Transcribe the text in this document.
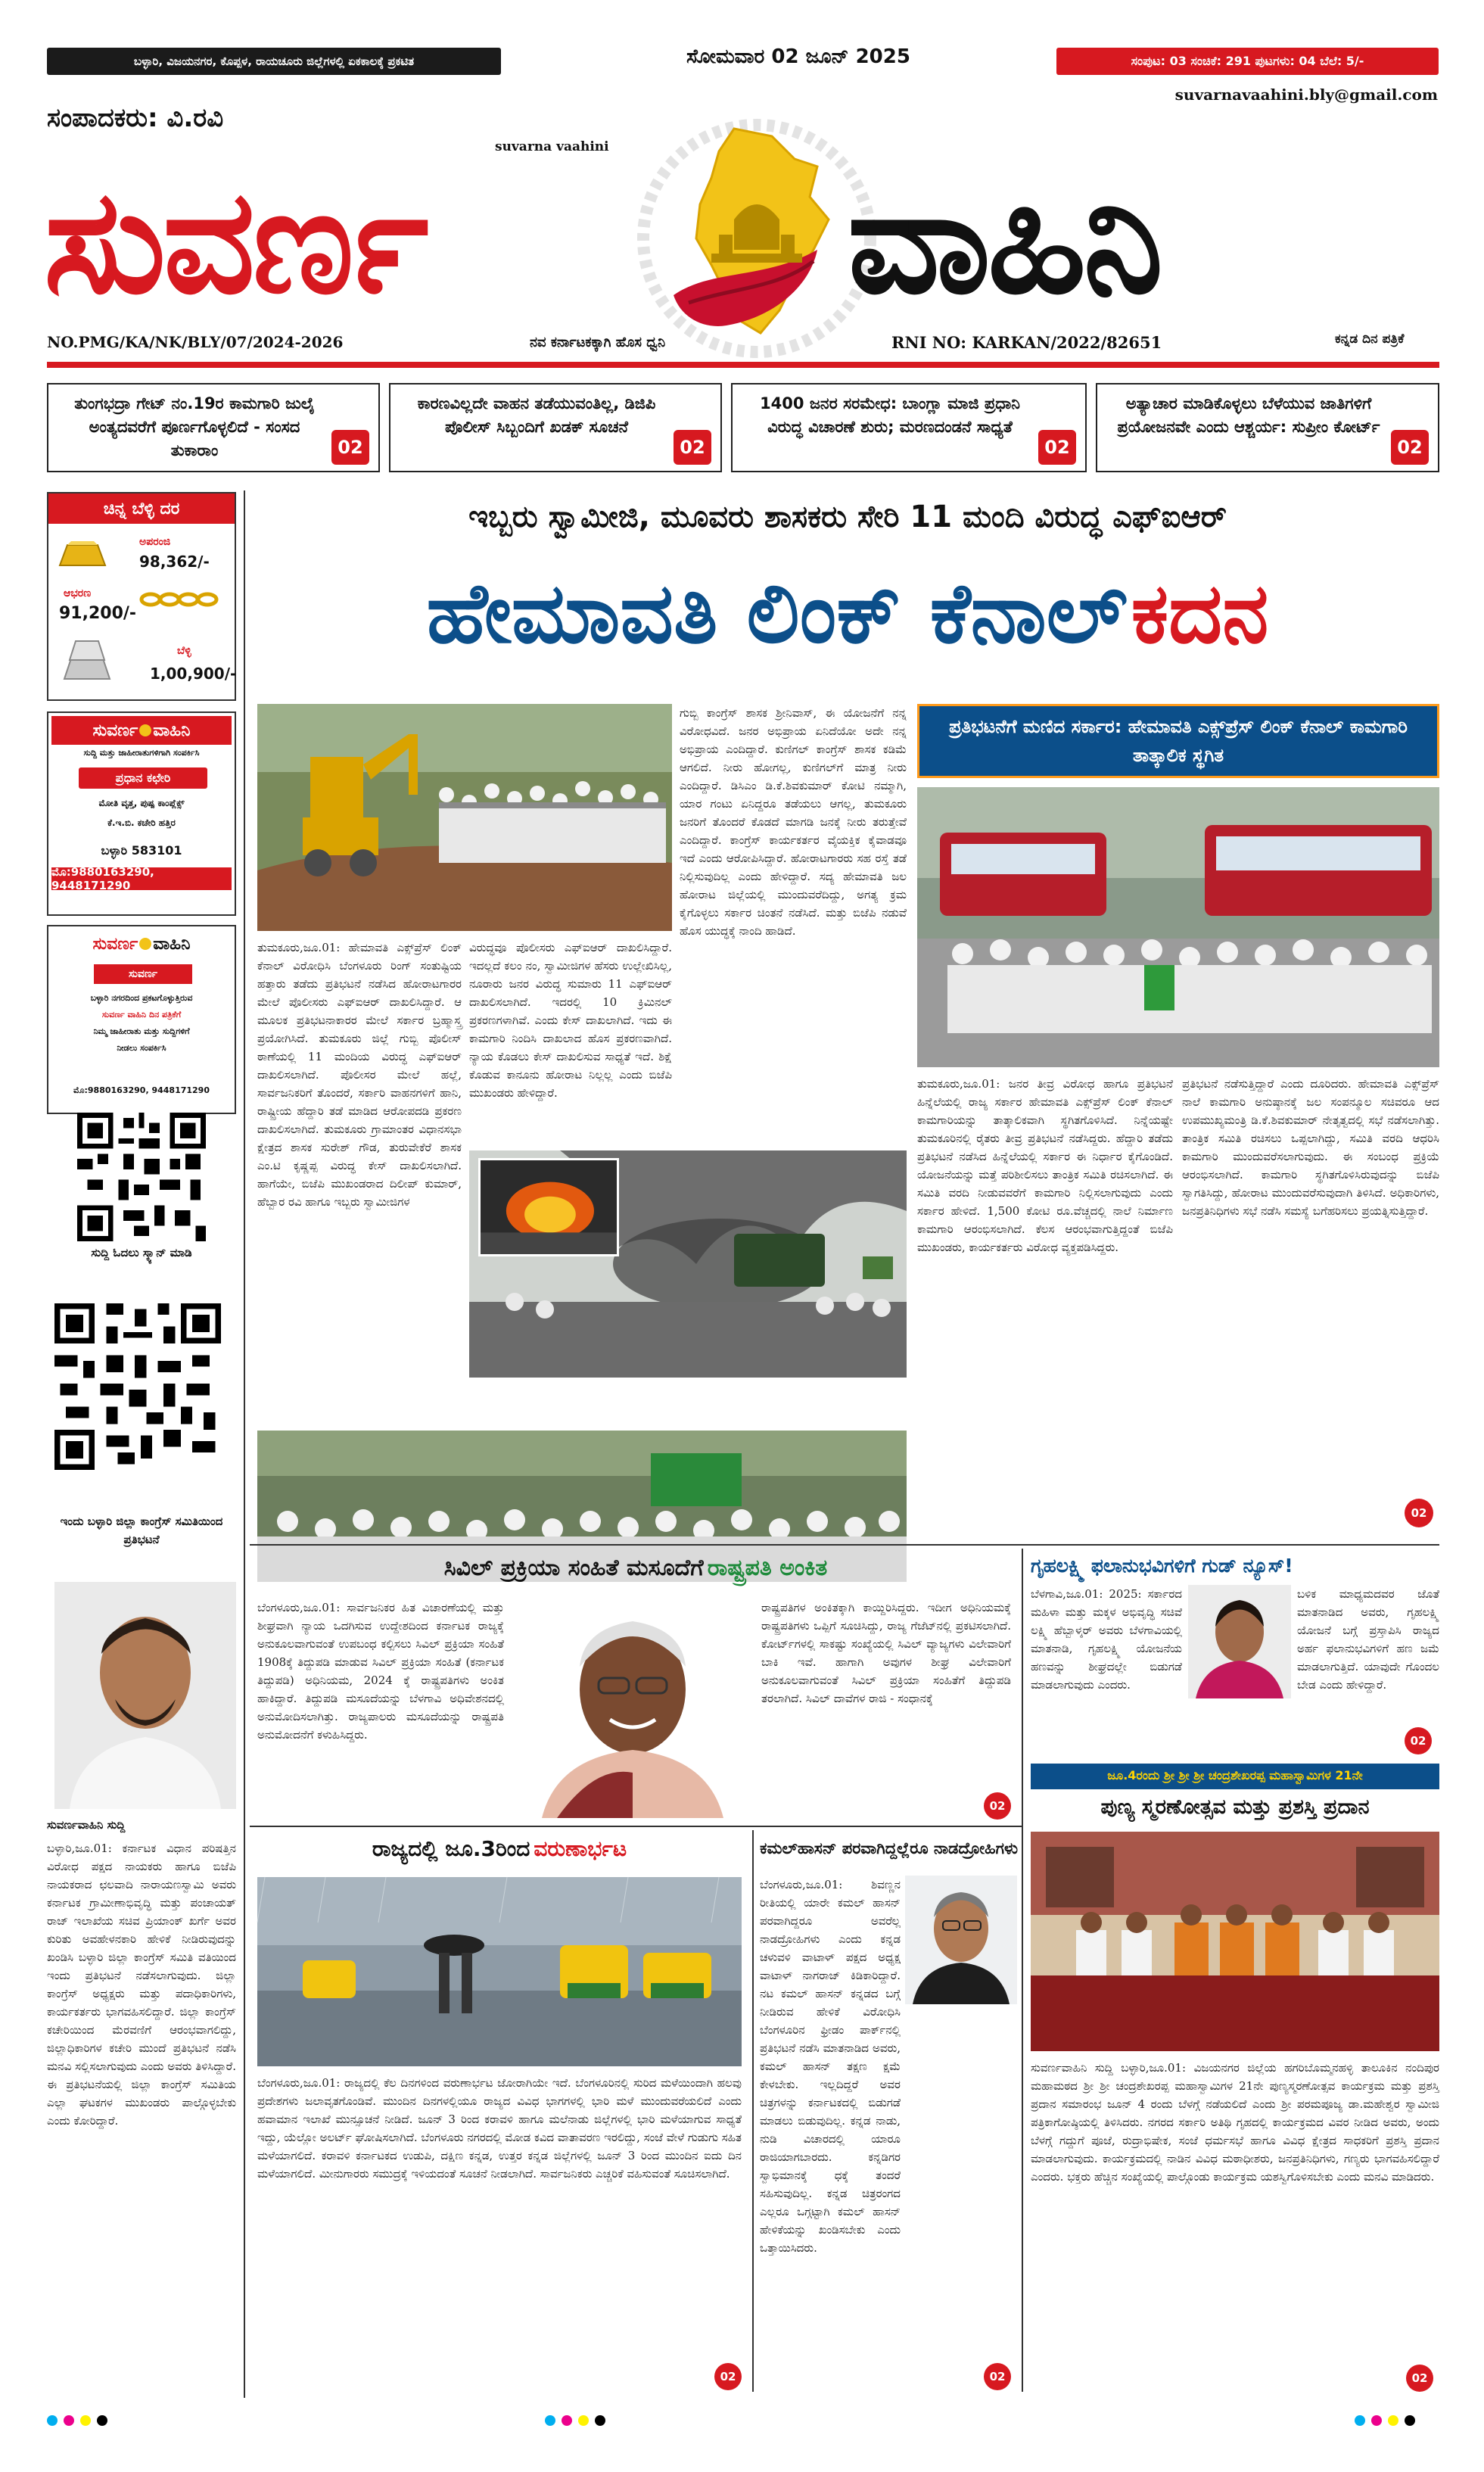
ಬಳ್ಳಾರಿ, ವಿಜಯನಗರ, ಕೊಪ್ಪಳ, ರಾಯಚೂರು ಜಿಲ್ಲೆಗಳಲ್ಲಿ ಏಕಕಾಲಕ್ಕೆ ಪ್ರಕಟಿತ	ಸೋಮವಾರ 02 ಜೂನ್ 2025	ಸಂಪುಟ: 03 ಸಂಚಿಕೆ: 291 ಪುಟಗಳು: 04 ಬೆಲೆ: 5/-
suvarnavaahini.bly@gmail.com
ಸಂಪಾದಕರು: ವಿ.ರವಿ
suvarna vaahini
ಸುವರ್ಣ	ವಾಹಿನಿ
NO.PMG/KA/NK/BLY/07/2024-2026	ನವ ಕರ್ನಾಟಕಕ್ಕಾಗಿ ಹೊಸ ಧ್ವನಿ	RNI NO: KARKAN/2022/82651	ಕನ್ನಡ ದಿನ ಪತ್ರಿಕೆ
ತುಂಗಭದ್ರಾ ಗೇಟ್ ನಂ.19ರ ಕಾಮಗಾರಿ ಜುಲೈ ಅಂತ್ಯದವರೆಗೆ ಪೂರ್ಣಗೊಳ್ಳಲಿದೆ - ಸಂಸದ ತುಕಾರಾಂ	02
ಕಾರಣವಿಲ್ಲದೇ ವಾಹನ ತಡೆಯುವಂತಿಲ್ಲ, ಡಿಜಿಪಿ ಪೊಲೀಸ್ ಸಿಬ್ಬಂದಿಗೆ ಖಡಕ್ ಸೂಚನೆ
02
1400 ಜನರ ಸರಮೇಧ: ಬಾಂಗ್ಲಾ ಮಾಜಿ ಪ್ರಧಾನಿ ವಿರುದ್ಧ ವಿಚಾರಣೆ ಶುರು; ಮರಣದಂಡನೆ ಸಾಧ್ಯತೆ
02
ಅತ್ಯಾಚಾರ ಮಾಡಿಕೊಳ್ಳಲು ಬೆಳೆಯುವ ಜಾತಿಗಳಿಗೆ ಪ್ರಯೋಜನವೇ ಎಂದು ಆಶ್ಚರ್ಯ: ಸುಪ್ರೀಂ ಕೋರ್ಟ್
02
ಚಿನ್ನ ಬೆಳ್ಳಿ ದರ
ಅಪರಂಜಿ
98,362/-
ಆಭರಣ
91,200/-
ಬೆಳ್ಳಿ
1,00,900/-
ಸುವರ್ಣ ವಾಹಿನಿ
ಸುದ್ದಿ ಮತ್ತು ಜಾಹೀರಾತುಗಳಿಗಾಗಿ ಸಂಪರ್ಕಿಸಿ
ಪ್ರಧಾನ ಕಛೇರಿ
ಮೋತಿ ವೃತ್ತ, ಪುಷ್ಪ ಕಾಂಪ್ಲೆಕ್ಸ್
ಕೆ.ಇ.ಬಿ. ಕಚೇರಿ ಹತ್ತಿರ
ಬಳ್ಳಾರಿ 583101
ಮೊ:9880163290, 9448171290
ಸುವರ್ಣ ವಾಹಿನಿ
ಸುವರ್ಣ
ಬಳ್ಳಾರಿ ನಗರದಿಂದ ಪ್ರಕಟಗೊಳ್ಳುತ್ತಿರುವ
ಸುವರ್ಣ ವಾಹಿನಿ ದಿನ ಪತ್ರಿಕೆಗೆ
ನಿಮ್ಮ ಜಾಹೀರಾತು ಮತ್ತು ಸುದ್ದಿಗಳಿಗೆ
ನೀಡಲು ಸಂಪರ್ಕಿಸಿ
ಮೊ:9880163290, 9448171290
ಸುದ್ದಿ ಓದಲು ಸ್ಕ್ಯಾನ್ ಮಾಡಿ
ಇಂದು ಬಳ್ಳಾರಿ ಜಿಲ್ಲಾ ಕಾಂಗ್ರೆಸ್ ಸಮಿತಿಯಿಂದ ಪ್ರತಿಭಟನೆ
ಸುವರ್ಣವಾಹಿನಿ ಸುದ್ದಿ
ಬಳ್ಳಾರಿ,ಜೂ.01: ಕರ್ನಾಟಕ ವಿಧಾನ ಪರಿಷತ್ತಿನ ವಿರೋಧ ಪಕ್ಷದ ನಾಯಕರು ಹಾಗೂ ಬಿಜೆಪಿ ನಾಯಕರಾದ ಛಲವಾದಿ ನಾರಾಯಣಸ್ವಾಮಿ ಅವರು ಕರ್ನಾಟಕ ಗ್ರಾಮೀಣಾಭಿವೃದ್ಧಿ ಮತ್ತು ಪಂಚಾಯತ್ ರಾಜ್ ಇಲಾಖೆಯ ಸಚಿವ ಪ್ರಿಯಾಂಕ್ ಖರ್ಗೆ ಅವರ ಕುರಿತು ಅವಹೇಳನಕಾರಿ ಹೇಳಿಕೆ ನೀಡಿರುವುದನ್ನು ಖಂಡಿಸಿ ಬಳ್ಳಾರಿ ಜಿಲ್ಲಾ ಕಾಂಗ್ರೆಸ್ ಸಮಿತಿ ವತಿಯಿಂದ ಇಂದು ಪ್ರತಿಭಟನೆ ನಡೆಸಲಾಗುವುದು. ಜಿಲ್ಲಾ ಕಾಂಗ್ರೆಸ್ ಅಧ್ಯಕ್ಷರು ಮತ್ತು ಪದಾಧಿಕಾರಿಗಳು, ಕಾರ್ಯಕರ್ತರು ಭಾಗವಹಿಸಲಿದ್ದಾರೆ. ಜಿಲ್ಲಾ ಕಾಂಗ್ರೆಸ್ ಕಚೇರಿಯಿಂದ ಮೆರವಣಿಗೆ ಆರಂಭವಾಗಲಿದ್ದು, ಜಿಲ್ಲಾಧಿಕಾರಿಗಳ ಕಚೇರಿ ಮುಂದೆ ಪ್ರತಿಭಟನೆ ನಡೆಸಿ ಮನವಿ ಸಲ್ಲಿಸಲಾಗುವುದು ಎಂದು ಅವರು ತಿಳಿಸಿದ್ದಾರೆ. ಈ ಪ್ರತಿಭಟನೆಯಲ್ಲಿ ಜಿಲ್ಲಾ ಕಾಂಗ್ರೆಸ್ ಸಮಿತಿಯ ಎಲ್ಲಾ ಘಟಕಗಳ ಮುಖಂಡರು ಪಾಲ್ಗೊಳ್ಳಬೇಕು ಎಂದು ಕೋರಿದ್ದಾರೆ.
ಇಬ್ಬರು ಸ್ವಾಮೀಜಿ, ಮೂವರು ಶಾಸಕರು ಸೇರಿ 11 ಮಂದಿ ವಿರುದ್ಧ ಎಫ್‌ಐಆರ್
ಹೇಮಾವತಿ ಲಿಂಕ್ ಕೆನಾಲ್ ಕದನ
ತುಮಕೂರು,ಜೂ.01: ಹೇಮಾವತಿ ಎಕ್ಸ್‌ಪ್ರೆಸ್ ಲಿಂಕ್ ಕೆನಾಲ್ ವಿರೋಧಿಸಿ ಬೆಂಗಳೂರು ರಿಂಗ್ ಸಂತುಷ್ಟಿಯ ಹತ್ತಾರು ತಡೆದು ಪ್ರತಿಭಟನೆ ನಡೆಸಿದ ಹೋರಾಟಗಾರರ ಮೇಲೆ ಪೊಲೀಸರು ಎಫ್‌ಐಆರ್ ದಾಖಲಿಸಿದ್ದಾರೆ. ಆ ಮೂಲಕ ಪ್ರತಿಭಟನಾಕಾರರ ಮೇಲೆ ಸರ್ಕಾರ ಬ್ರಹ್ಮಾಸ್ತ್ರ ಪ್ರಯೋಗಿಸಿದೆ. ತುಮಕೂರು ಜಿಲ್ಲೆ ಗುಬ್ಬಿ ಪೊಲೀಸ್ ಠಾಣೆಯಲ್ಲಿ 11 ಮಂದಿಯ ವಿರುದ್ಧ ಎಫ್‌ಐಆರ್ ದಾಖಲಿಸಲಾಗಿದೆ. ಪೊಲೀಸರ ಮೇಲೆ ಹಲ್ಲೆ, ಸಾರ್ವಜನಿಕರಿಗೆ ತೊಂದರೆ, ಸರ್ಕಾರಿ ವಾಹನಗಳಿಗೆ ಹಾನಿ, ರಾಷ್ಟ್ರೀಯ ಹೆದ್ದಾರಿ ತಡೆ ಮಾಡಿದ ಆರೋಪದಡಿ ಪ್ರಕರಣ ದಾಖಲಿಸಲಾಗಿದೆ. ತುಮಕೂರು ಗ್ರಾಮಾಂತರ ವಿಧಾನಸಭಾ ಕ್ಷೇತ್ರದ ಶಾಸಕ ಸುರೇಶ್ ಗೌಡ, ತುರುವೇಕೆರೆ ಶಾಸಕ ಎಂ.ಟಿ ಕೃಷ್ಣಪ್ಪ ವಿರುದ್ಧ ಕೇಸ್ ದಾಖಲಿಸಲಾಗಿದೆ. ಹಾಗೆಯೇ, ಬಿಜೆಪಿ ಮುಖಂಡರಾದ ದಿಲೀಪ್ ಕುಮಾರ್, ಹೆಬ್ಬಾರ ರವಿ ಹಾಗೂ ಇಬ್ಬರು ಸ್ವಾಮೀಜಿಗಳ
ವಿರುದ್ಧವೂ ಪೊಲೀಸರು ಎಫ್‌ಐಆರ್ ದಾಖಲಿಸಿದ್ದಾರೆ. ಇದಲ್ಲದೆ ಕಲಂ ನಂ, ಸ್ವಾಮೀಜಿಗಳ ಹೆಸರು ಉಲ್ಲೇಖಿಸಿಲ್ಲ, ನೂರಾರು ಜನರ ವಿರುದ್ಧ ಸುಮಾರು 11 ಎಫ್‌ಐಆರ್ ದಾಖಲಿಸಲಾಗಿದೆ. ಇದರಲ್ಲಿ 10 ಕ್ರಿಮಿನಲ್ ಪ್ರಕರಣಗಳಾಗಿವೆ. ಎಂದು ಕೇಸ್ ದಾಖಲಾಗಿದೆ. ಇದು ಈ ಕಾಮಗಾರಿ ನಿಂದಿಸಿ ದಾಖಲಾದ ಹೊಸ ಪ್ರಕರಣವಾಗಿದೆ. ನ್ಯಾಯ ಕೊಡಲು ಕೇಸ್ ದಾಖಲಿಸುವ ಸಾಧ್ಯತೆ ಇದೆ. ಶಿಕ್ಷೆ ಕೊಡುವ ಕಾನೂನು ಹೋರಾಟ ನಿಲ್ಲಲ್ಲ ಎಂದು ಬಿಜೆಪಿ ಮುಖಂಡರು ಹೇಳಿದ್ದಾರೆ.
ಗುಬ್ಬಿ ಕಾಂಗ್ರೆಸ್ ಶಾಸಕ ಶ್ರೀನಿವಾಸ್, ಈ ಯೋಜನೆಗೆ ನನ್ನ ವಿರೋಧವಿದೆ. ಜನರ ಅಭಿಪ್ರಾಯ ಏನಿದೆಯೋ ಅದೇ ನನ್ನ ಅಭಿಪ್ರಾಯ ಎಂದಿದ್ದಾರೆ. ಕುಣಿಗಲ್ ಕಾಂಗ್ರೆಸ್ ಶಾಸಕ ಕಡಿಮೆ ಆಗಲಿದೆ. ನೀರು ಹೋಗಲ್ಲ, ಕುಣಿಗಲ್‌ಗೆ ಮಾತ್ರ ನೀರು ಎಂದಿದ್ದಾರೆ. ಡಿಸಿಎಂ ಡಿ.ಕೆ.ಶಿವಕುಮಾರ್ ಕೋಟಿ ನಮ್ಮಾಗಿ, ಯಾರ ಗಂಟು ಏನಿದ್ದರೂ ತಡೆಯಲು ಆಗಲ್ಲ, ತುಮಕೂರು ಜನರಿಗೆ ತೊಂದರೆ ಕೊಡದೆ ಮಾಗಡಿ ಜನಕ್ಕೆ ನೀರು ತರುತ್ತೇವೆ ಎಂದಿದ್ದಾರೆ. ಕಾಂಗ್ರೆಸ್ ಕಾರ್ಯಕರ್ತರ ವೈಯಕ್ತಿಕ ಕೈವಾಡವೂ ಇದೆ ಎಂದು ಆರೋಪಿಸಿದ್ದಾರೆ. ಹೋರಾಟಗಾರರು ಸಹ ರಸ್ತೆ ತಡೆ ನಿಲ್ಲಿಸುವುದಿಲ್ಲ ಎಂದು ಹೇಳಿದ್ದಾರೆ. ಸದ್ಯ ಹೇಮಾವತಿ ಜಲ ಹೋರಾಟ ಜಿಲ್ಲೆಯಲ್ಲಿ ಮುಂದುವರೆದಿದ್ದು, ಅಗತ್ಯ ಕ್ರಮ ಕೈಗೊಳ್ಳಲು ಸರ್ಕಾರ ಚಿಂತನೆ ನಡೆಸಿದೆ. ಮತ್ತು ಬಿಜೆಪಿ ನಡುವೆ ಹೊಸ ಯುದ್ಧಕ್ಕೆ ನಾಂದಿ ಹಾಡಿದೆ.
ಪ್ರತಿಭಟನೆಗೆ ಮಣಿದ ಸರ್ಕಾರ: ಹೇಮಾವತಿ ಎಕ್ಸ್‌ಪ್ರೆಸ್ ಲಿಂಕ್ ಕೆನಾಲ್ ಕಾಮಗಾರಿ ತಾತ್ಕಾಲಿಕ ಸ್ಥಗಿತ
ತುಮಕೂರು,ಜೂ.01: ಜನರ ತೀವ್ರ ವಿರೋಧ ಹಾಗೂ ಪ್ರತಿಭಟನೆ ಹಿನ್ನೆಲೆಯಲ್ಲಿ ರಾಜ್ಯ ಸರ್ಕಾರ ಹೇಮಾವತಿ ಎಕ್ಸ್‌ಪ್ರೆಸ್ ಲಿಂಕ್ ಕೆನಾಲ್ ಕಾಮಗಾರಿಯನ್ನು ತಾತ್ಕಾಲಿಕವಾಗಿ ಸ್ಥಗಿತಗೊಳಿಸಿದೆ. ನಿನ್ನೆಯಷ್ಟೇ ತುಮಕೂರಿನಲ್ಲಿ ರೈತರು ತೀವ್ರ ಪ್ರತಿಭಟನೆ ನಡೆಸಿದ್ದರು. ಹೆದ್ದಾರಿ ತಡೆದು ಪ್ರತಿಭಟನೆ ನಡೆಸಿದ ಹಿನ್ನೆಲೆಯಲ್ಲಿ ಸರ್ಕಾರ ಈ ನಿರ್ಧಾರ ಕೈಗೊಂಡಿದೆ. ಯೋಜನೆಯನ್ನು ಮತ್ತೆ ಪರಿಶೀಲಿಸಲು ತಾಂತ್ರಿಕ ಸಮಿತಿ ರಚಿಸಲಾಗಿದೆ. ಈ ಸಮಿತಿ ವರದಿ ನೀಡುವವರೆಗೆ ಕಾಮಗಾರಿ ನಿಲ್ಲಿಸಲಾಗುವುದು ಎಂದು ಸರ್ಕಾರ ಹೇಳಿದೆ. 1,500 ಕೋಟಿ ರೂ.ವೆಚ್ಚದಲ್ಲಿ ನಾಲೆ ನಿರ್ಮಾಣ ಕಾಮಗಾರಿ ಆರಂಭಿಸಲಾಗಿದೆ. ಕೆಲಸ ಆರಂಭವಾಗುತ್ತಿದ್ದಂತೆ ಬಿಜೆಪಿ ಮುಖಂಡರು, ಕಾರ್ಯಕರ್ತರು ವಿರೋಧ ವ್ಯಕ್ತಪಡಿಸಿದ್ದರು.
ಪ್ರತಿಭಟನೆ ನಡೆಸುತ್ತಿದ್ದಾರೆ ಎಂದು ದೂರಿದರು. ಹೇಮಾವತಿ ಎಕ್ಸ್‌ಪ್ರೆಸ್ ನಾಲೆ ಕಾಮಗಾರಿ ಅನುಷ್ಠಾನಕ್ಕೆ ಜಲ ಸಂಪನ್ಮೂಲ ಸಚಿವರೂ ಆದ ಉಪಮುಖ್ಯಮಂತ್ರಿ ಡಿ.ಕೆ.ಶಿವಕುಮಾರ್ ನೇತೃತ್ವದಲ್ಲಿ ಸಭೆ ನಡೆಸಲಾಗಿತ್ತು. ತಾಂತ್ರಿಕ ಸಮಿತಿ ರಚಿಸಲು ಒಪ್ಪಲಾಗಿದ್ದು, ಸಮಿತಿ ವರದಿ ಆಧರಿಸಿ ಕಾಮಗಾರಿ ಮುಂದುವರೆಸಲಾಗುವುದು. ಈ ಸಂಬಂಧ ಪ್ರಕ್ರಿಯೆ ಆರಂಭಿಸಲಾಗಿದೆ. ಕಾಮಗಾರಿ ಸ್ಥಗಿತಗೊಳಿಸಿರುವುದನ್ನು ಬಿಜೆಪಿ ಸ್ವಾಗತಿಸಿದ್ದು, ಹೋರಾಟ ಮುಂದುವರೆಸುವುದಾಗಿ ತಿಳಿಸಿದೆ. ಅಧಿಕಾರಿಗಳು, ಜನಪ್ರತಿನಿಧಿಗಳು ಸಭೆ ನಡೆಸಿ ಸಮಸ್ಯೆ ಬಗೆಹರಿಸಲು ಪ್ರಯತ್ನಿಸುತ್ತಿದ್ದಾರೆ.
02
ಸಿವಿಲ್ ಪ್ರಕ್ರಿಯಾ ಸಂಹಿತೆ ಮಸೂದೆಗೆ ರಾಷ್ಟ್ರಪತಿ ಅಂಕಿತ
ಬೆಂಗಳೂರು,ಜೂ.01: ಸಾರ್ವಜನಿಕರ ಹಿತ ವಿಚಾರಣೆಯಲ್ಲಿ ಮತ್ತು ಶೀಘ್ರವಾಗಿ ನ್ಯಾಯ ಒದಗಿಸುವ ಉದ್ದೇಶದಿಂದ ಕರ್ನಾಟಕ ರಾಜ್ಯಕ್ಕೆ ಅನುಕೂಲವಾಗುವಂತೆ ಉಪಬಂಧ ಕಲ್ಪಿಸಲು ಸಿವಿಲ್ ಪ್ರಕ್ರಿಯಾ ಸಂಹಿತೆ 1908ಕ್ಕೆ ತಿದ್ದುಪಡಿ ಮಾಡುವ ಸಿವಿಲ್ ಪ್ರಕ್ರಿಯಾ ಸಂಹಿತೆ (ಕರ್ನಾಟಕ ತಿದ್ದುಪಡಿ) ಅಧಿನಿಯಮ, 2024 ಕ್ಕೆ ರಾಷ್ಟ್ರಪತಿಗಳು ಅಂಕಿತ ಹಾಕಿದ್ದಾರೆ. ತಿದ್ದುಪಡಿ ಮಸೂದೆಯನ್ನು ಬೆಳಗಾವಿ ಅಧಿವೇಶನದಲ್ಲಿ ಅನುಮೋದಿಸಲಾಗಿತ್ತು. ರಾಜ್ಯಪಾಲರು ಮಸೂದೆಯನ್ನು ರಾಷ್ಟ್ರಪತಿ ಅನುಮೋದನೆಗೆ ಕಳುಹಿಸಿದ್ದರು.
ರಾಷ್ಟ್ರಪತಿಗಳ ಅಂಕಿತಕ್ಕಾಗಿ ಕಾಯ್ದಿರಿಸಿದ್ದರು. ಇದೀಗ ಅಧಿನಿಯಮಕ್ಕೆ ರಾಷ್ಟ್ರಪತಿಗಳು ಒಪ್ಪಿಗೆ ಸೂಚಿಸಿದ್ದು, ರಾಜ್ಯ ಗೆಜೆಟ್‌ನಲ್ಲಿ ಪ್ರಕಟಿಸಲಾಗಿದೆ. ಕೋರ್ಟ್‌ಗಳಲ್ಲಿ ಸಾಕಷ್ಟು ಸಂಖ್ಯೆಯಲ್ಲಿ ಸಿವಿಲ್ ವ್ಯಾಜ್ಯಗಳು ವಿಲೇವಾರಿಗೆ ಬಾಕಿ ಇವೆ. ಹಾಗಾಗಿ ಅವುಗಳ ಶೀಘ್ರ ವಿಲೇವಾರಿಗೆ ಅನುಕೂಲವಾಗುವಂತೆ ಸಿವಿಲ್ ಪ್ರಕ್ರಿಯಾ ಸಂಹಿತೆಗೆ ತಿದ್ದುಪಡಿ ತರಲಾಗಿದೆ. ಸಿವಿಲ್ ದಾವೆಗಳ ರಾಜಿ - ಸಂಧಾನಕ್ಕೆ
02
ಗೃಹಲಕ್ಷ್ಮಿ ಫಲಾನುಭವಿಗಳಿಗೆ ಗುಡ್ ನ್ಯೂಸ್!
ಬೆಳಗಾವಿ,ಜೂ.01: 2025: ಸರ್ಕಾರದ ಮಹಿಳಾ ಮತ್ತು ಮಕ್ಕಳ ಅಭಿವೃದ್ಧಿ ಸಚಿವೆ ಲಕ್ಷ್ಮಿ ಹೆಬ್ಬಾಳ್ಕರ್ ಅವರು ಬೆಳಗಾವಿಯಲ್ಲಿ ಮಾತನಾಡಿ, ಗೃಹಲಕ್ಷ್ಮಿ ಯೋಜನೆಯ ಹಣವನ್ನು ಶೀಘ್ರದಲ್ಲೇ ಬಿಡುಗಡೆ ಮಾಡಲಾಗುವುದು ಎಂದರು.
ಬಳಿಕ ಮಾಧ್ಯಮದವರ ಜೊತೆ ಮಾತನಾಡಿದ ಅವರು, ಗೃಹಲಕ್ಷ್ಮಿ ಯೋಜನೆ ಬಗ್ಗೆ ಪ್ರಸ್ತಾಪಿಸಿ ರಾಜ್ಯದ ಅರ್ಹ ಫಲಾನುಭವಿಗಳಿಗೆ ಹಣ ಜಮೆ ಮಾಡಲಾಗುತ್ತಿದೆ. ಯಾವುದೇ ಗೊಂದಲ ಬೇಡ ಎಂದು ಹೇಳಿದ್ದಾರೆ.
02
ಜೂ.4ರಂದು ಶ್ರೀ ಶ್ರೀ ಶ್ರೀ ಚಂದ್ರಶೇಖರಪ್ಪ ಮಹಾಸ್ವಾಮಿಗಳ 21ನೇ
ಪುಣ್ಯ ಸ್ಮರಣೋತ್ಸವ ಮತ್ತು ಪ್ರಶಸ್ತಿ ಪ್ರದಾನ
ಸುವರ್ಣವಾಹಿನಿ ಸುದ್ದಿ ಬಳ್ಳಾರಿ,ಜೂ.01: ವಿಜಯನಗರ ಜಿಲ್ಲೆಯ ಹಗರಿಬೊಮ್ಮನಹಳ್ಳಿ ತಾಲೂಕಿನ ನಂದಿಪುರ ಮಹಾಮಠದ ಶ್ರೀ ಶ್ರೀ ಚಂದ್ರಶೇಖರಪ್ಪ ಮಹಾಸ್ವಾಮಿಗಳ 21ನೇ ಪುಣ್ಯಸ್ಮರಣೋತ್ಸವ ಕಾರ್ಯಕ್ರಮ ಮತ್ತು ಪ್ರಶಸ್ತಿ ಪ್ರದಾನ ಸಮಾರಂಭ ಜೂನ್ 4 ರಂದು ಬೆಳಗ್ಗೆ ನಡೆಯಲಿದೆ ಎಂದು ಶ್ರೀ ಪರಮಪೂಜ್ಯ ಡಾ.ಮಹೇಶ್ವರ ಸ್ವಾಮೀಜಿ ಪತ್ರಿಕಾಗೋಷ್ಠಿಯಲ್ಲಿ ತಿಳಿಸಿದರು. ನಗರದ ಸರ್ಕಾರಿ ಅತಿಥಿ ಗೃಹದಲ್ಲಿ ಕಾರ್ಯಕ್ರಮದ ವಿವರ ನೀಡಿದ ಅವರು, ಅಂದು ಬೆಳಗ್ಗೆ ಗದ್ದುಗೆ ಪೂಜೆ, ರುದ್ರಾಭಿಷೇಕ, ಸಂಜೆ ಧರ್ಮಸಭೆ ಹಾಗೂ ವಿವಿಧ ಕ್ಷೇತ್ರದ ಸಾಧಕರಿಗೆ ಪ್ರಶಸ್ತಿ ಪ್ರದಾನ ಮಾಡಲಾಗುವುದು. ಕಾರ್ಯಕ್ರಮದಲ್ಲಿ ನಾಡಿನ ವಿವಿಧ ಮಠಾಧೀಶರು, ಜನಪ್ರತಿನಿಧಿಗಳು, ಗಣ್ಯರು ಭಾಗವಹಿಸಲಿದ್ದಾರೆ ಎಂದರು. ಭಕ್ತರು ಹೆಚ್ಚಿನ ಸಂಖ್ಯೆಯಲ್ಲಿ ಪಾಲ್ಗೊಂಡು ಕಾರ್ಯಕ್ರಮ ಯಶಸ್ವಿಗೊಳಿಸಬೇಕು ಎಂದು ಮನವಿ ಮಾಡಿದರು.
02
ರಾಜ್ಯದಲ್ಲಿ ಜೂ.3ರಿಂದ ವರುಣಾರ್ಭಟ
ಬೆಂಗಳೂರು,ಜೂ.01: ರಾಜ್ಯದಲ್ಲಿ ಕೆಲ ದಿನಗಳಿಂದ ವರುಣಾರ್ಭಟ ಜೋರಾಗಿಯೇ ಇದೆ. ಬೆಂಗಳೂರಿನಲ್ಲಿ ಸುರಿದ ಮಳೆಯಿಂದಾಗಿ ಹಲವು ಪ್ರದೇಶಗಳು ಜಲಾವೃತಗೊಂಡಿವೆ. ಮುಂದಿನ ದಿನಗಳಲ್ಲಿಯೂ ರಾಜ್ಯದ ವಿವಿಧ ಭಾಗಗಳಲ್ಲಿ ಭಾರಿ ಮಳೆ ಮುಂದುವರೆಯಲಿದೆ ಎಂದು ಹವಾಮಾನ ಇಲಾಖೆ ಮುನ್ಸೂಚನೆ ನೀಡಿದೆ. ಜೂನ್ 3 ರಿಂದ ಕರಾವಳಿ ಹಾಗೂ ಮಲೆನಾಡು ಜಿಲ್ಲೆಗಳಲ್ಲಿ ಭಾರಿ ಮಳೆಯಾಗುವ ಸಾಧ್ಯತೆ ಇದ್ದು, ಯೆಲ್ಲೋ ಅಲರ್ಟ್ ಘೋಷಿಸಲಾಗಿದೆ. ಬೆಂಗಳೂರು ನಗರದಲ್ಲಿ ಮೋಡ ಕವಿದ ವಾತಾವರಣ ಇರಲಿದ್ದು, ಸಂಜೆ ವೇಳೆ ಗುಡುಗು ಸಹಿತ ಮಳೆಯಾಗಲಿದೆ. ಕರಾವಳಿ ಕರ್ನಾಟಕದ ಉಡುಪಿ, ದಕ್ಷಿಣ ಕನ್ನಡ, ಉತ್ತರ ಕನ್ನಡ ಜಿಲ್ಲೆಗಳಲ್ಲಿ ಜೂನ್ 3 ರಿಂದ ಮುಂದಿನ ಐದು ದಿನ ಮಳೆಯಾಗಲಿದೆ. ಮೀನುಗಾರರು ಸಮುದ್ರಕ್ಕೆ ಇಳಿಯದಂತೆ ಸೂಚನೆ ನೀಡಲಾಗಿದೆ. ಸಾರ್ವಜನಿಕರು ಎಚ್ಚರಿಕೆ ವಹಿಸುವಂತೆ ಸೂಚಿಸಲಾಗಿದೆ.
02
ಕಮಲ್‌ಹಾಸನ್ ಪರವಾಗಿದ್ದಲ್ಲೆರೂ ನಾಡದ್ರೋಹಿಗಳು
ಬೆಂಗಳೂರು,ಜೂ.01: ಶಿವಣ್ಣನ ರೀತಿಯಲ್ಲಿ ಯಾರೇ ಕಮಲ್ ಹಾಸನ್ ಪರವಾಗಿದ್ದರೂ ಅವರೆಲ್ಲ ನಾಡದ್ರೋಹಿಗಳು ಎಂದು ಕನ್ನಡ ಚಳುವಳಿ ವಾಟಾಳ್ ಪಕ್ಷದ ಅಧ್ಯಕ್ಷ ವಾಟಾಳ್ ನಾಗರಾಜ್ ಕಿಡಿಕಾರಿದ್ದಾರೆ. ನಟ ಕಮಲ್ ಹಾಸನ್ ಕನ್ನಡದ ಬಗ್ಗೆ ನೀಡಿರುವ ಹೇಳಿಕೆ ವಿರೋಧಿಸಿ ಬೆಂಗಳೂರಿನ ಫ್ರೀಡಂ ಪಾರ್ಕ್‌ನಲ್ಲಿ ಪ್ರತಿಭಟನೆ ನಡೆಸಿ ಮಾತನಾಡಿದ ಅವರು, ಕಮಲ್ ಹಾಸನ್ ತಕ್ಷಣ ಕ್ಷಮೆ ಕೇಳಬೇಕು. ಇಲ್ಲದಿದ್ದರೆ ಅವರ ಚಿತ್ರಗಳನ್ನು ಕರ್ನಾಟಕದಲ್ಲಿ ಬಿಡುಗಡೆ ಮಾಡಲು ಬಿಡುವುದಿಲ್ಲ. ಕನ್ನಡ ನಾಡು, ನುಡಿ ವಿಚಾರದಲ್ಲಿ ಯಾರೂ ರಾಜಿಯಾಗಬಾರದು. ಕನ್ನಡಿಗರ ಸ್ವಾಭಿಮಾನಕ್ಕೆ ಧಕ್ಕೆ ತಂದರೆ ಸಹಿಸುವುದಿಲ್ಲ. ಕನ್ನಡ ಚಿತ್ರರಂಗದ ಎಲ್ಲರೂ ಒಗ್ಗಟ್ಟಾಗಿ ಕಮಲ್ ಹಾಸನ್ ಹೇಳಿಕೆಯನ್ನು ಖಂಡಿಸಬೇಕು ಎಂದು ಒತ್ತಾಯಿಸಿದರು.
02
